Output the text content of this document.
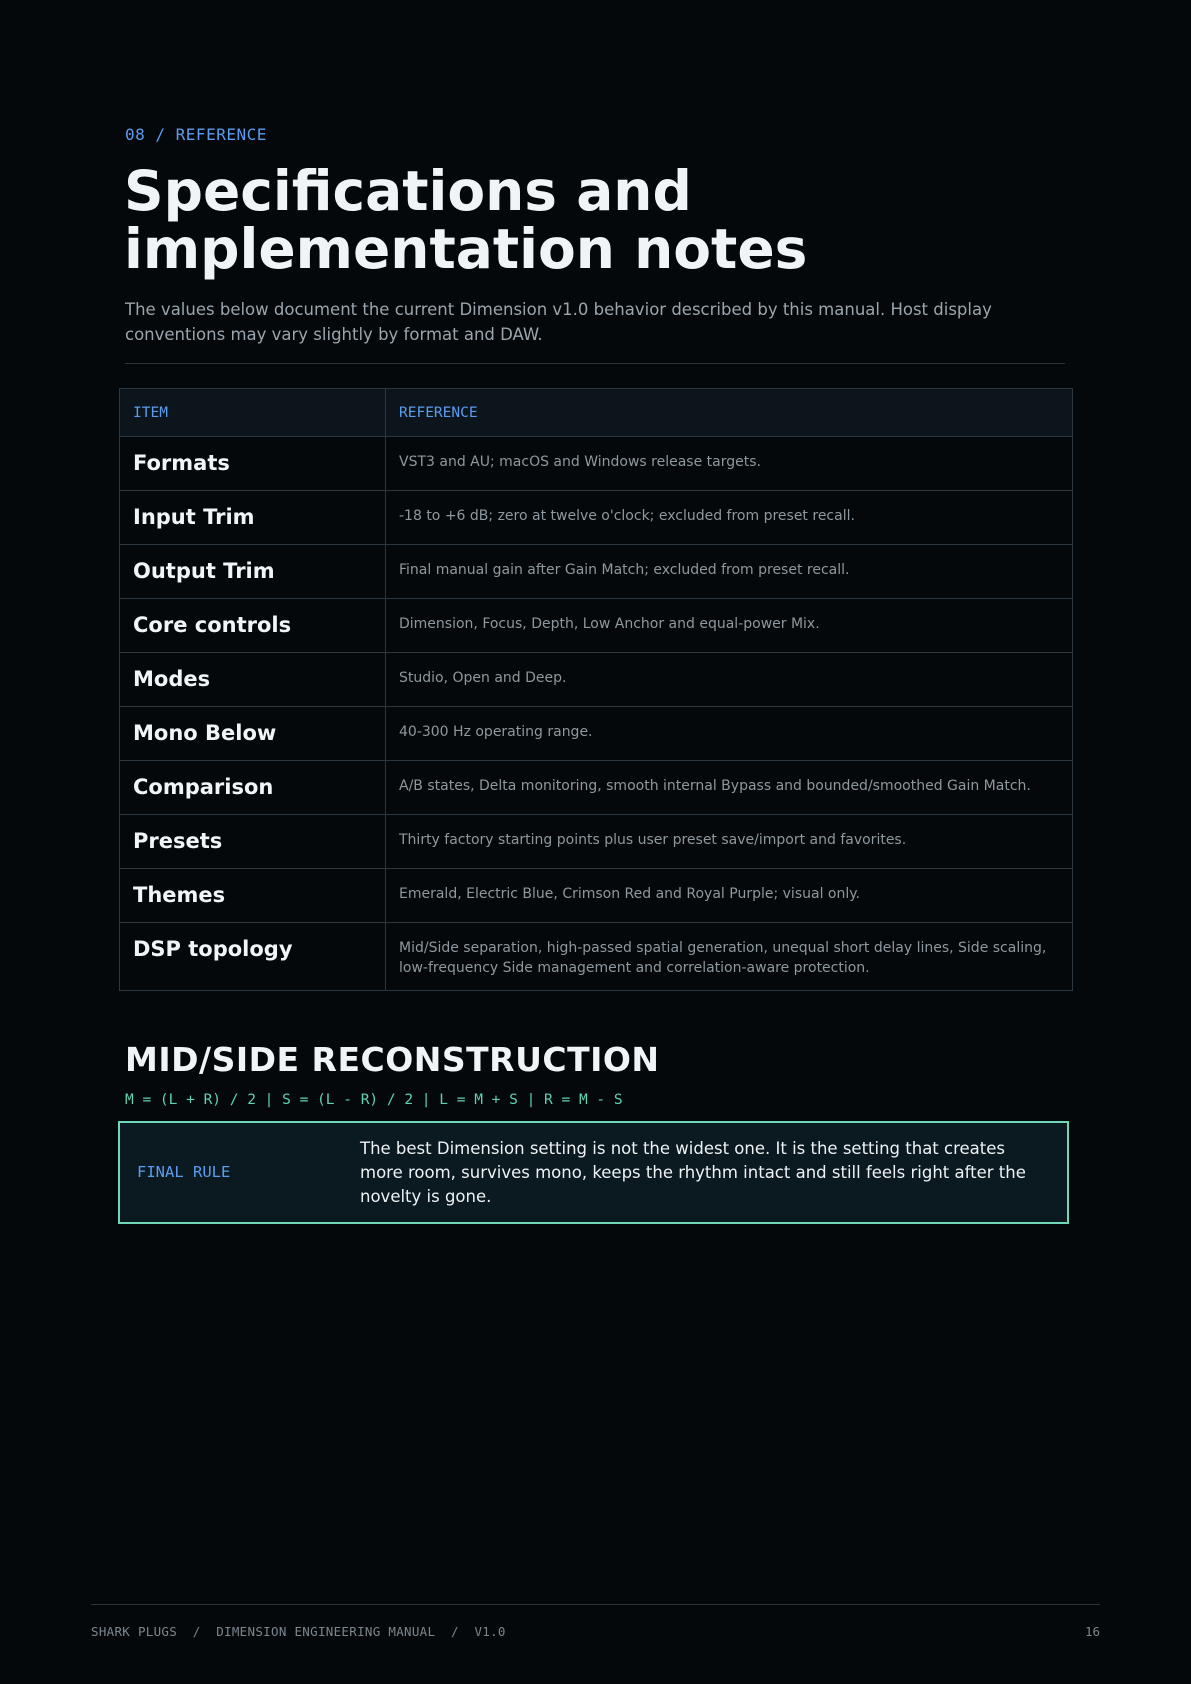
08 / REFERENCE
Specifications and implementation notes

The values below document the current Dimension v1.0 behavior described by this manual. Host display conventions may vary slightly by format and DAW.

ITEM	REFERENCE
Formats	VST3 and AU; macOS and Windows release targets.
Input Trim	-18 to +6 dB; zero at twelve o'clock; excluded from preset recall.
Output Trim	Final manual gain after Gain Match; excluded from preset recall.
Core controls	Dimension, Focus, Depth, Low Anchor and equal-power Mix.
Modes	Studio, Open and Deep.
Mono Below	40-300 Hz operating range.
Comparison	A/B states, Delta monitoring, smooth internal Bypass and bounded/smoothed Gain Match.
Presets	Thirty factory starting points plus user preset save/import and favorites.
Themes	Emerald, Electric Blue, Crimson Red and Royal Purple; visual only.
DSP topology	Mid/Side separation, high-passed spatial generation, unequal short delay lines, Side scaling, low-frequency Side management and correlation-aware protection.
MID/SIDE RECONSTRUCTION
M = (L + R) / 2 | S = (L - R) / 2 | L = M + S | R = M - S
FINAL RULE

The best Dimension setting is not the widest one. It is the setting that creates more room, survives mono, keeps the rhythm intact and still feels right after the novelty is gone.

SHARK PLUGS  /  DIMENSION ENGINEERING MANUAL  /  V1.0	16
